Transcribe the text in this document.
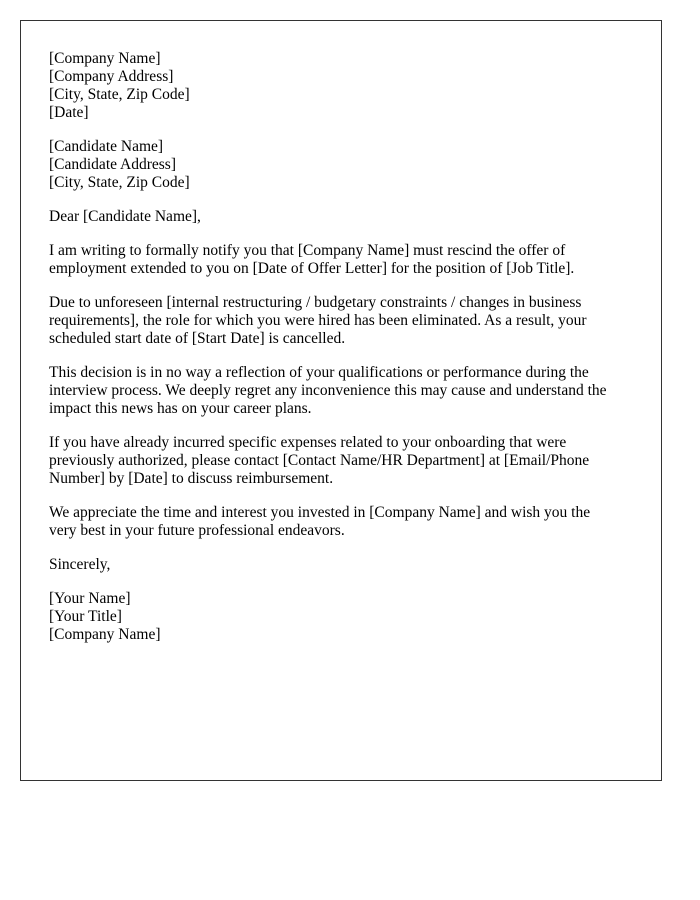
[Company Name]
[Company Address]
[City, State, Zip Code]
[Date]
[Candidate Name]
[Candidate Address]
[City, State, Zip Code]
Dear [Candidate Name],
I am writing to formally notify you that [Company Name] must rescind the offer of
employment extended to you on [Date of Offer Letter] for the position of [Job Title].
Due to unforeseen [internal restructuring / budgetary constraints / changes in business
requirements], the role for which you were hired has been eliminated. As a result, your
scheduled start date of [Start Date] is cancelled.
This decision is in no way a reflection of your qualifications or performance during the
interview process. We deeply regret any inconvenience this may cause and understand the
impact this news has on your career plans.
If you have already incurred specific expenses related to your onboarding that were
previously authorized, please contact [Contact Name/HR Department] at [Email/Phone
Number] by [Date] to discuss reimbursement.
We appreciate the time and interest you invested in [Company Name] and wish you the
very best in your future professional endeavors.
Sincerely,
[Your Name]
[Your Title]
[Company Name]
